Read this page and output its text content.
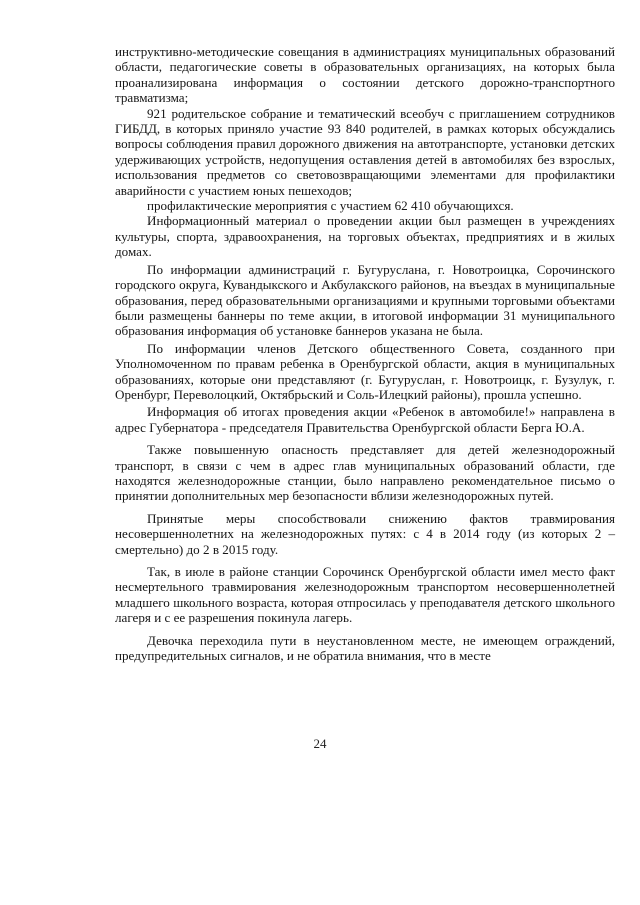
инструктивно-методические совещания в администрациях муниципальных образований области, педагогические советы в образовательных организациях, на которых была проанализирована информация о состоянии детского дорожно-транспортного травматизма;

921 родительское собрание и тематический всеобуч с приглашением сотрудников ГИБДД, в которых приняло участие 93 840 родителей, в рамках которых обсуждались вопросы соблюдения правил дорожного движения на автотранспорте, установки детских удерживающих устройств, недопущения оставления детей в автомобилях без взрослых, использования предметов со световозвращающими элементами для профилактики аварийности с участием юных пешеходов;

профилактические мероприятия с участием 62 410 обучающихся.

Информационный материал о проведении акции был размещен в учреждениях культуры, спорта, здравоохранения, на торговых объектах, предприятиях и в жилых домах.

По информации администраций г. Бугуруслана, г. Новотроицка, Сорочинского городского округа, Кувандыкского и Акбулакского районов, на въездах в муниципальные образования, перед образовательными организациями и крупными торговыми объектами были размещены баннеры по теме акции, в итоговой информации 31 муниципального образования информация об установке баннеров указана не была.

По информации членов Детского общественного Совета, созданного при Уполномоченном по правам ребенка в Оренбургской области, акция в муниципальных образованиях, которые они представляют (г. Бугуруслан, г. Новотроицк, г. Бузулук, г. Оренбург, Переволоцкий, Октябрьский и Соль-Илецкий районы), прошла успешно.

Информация об итогах проведения акции «Ребенок в автомобиле!» направлена в адрес Губернатора - председателя Правительства Оренбургской области Берга Ю.А.

Также повышенную опасность представляет для детей железнодорожный транспорт, в связи с чем в адрес глав муниципальных образований области, где находятся железнодорожные станции, было направлено рекомендательное письмо о принятии дополнительных мер безопасности вблизи железнодорожных путей.

Принятые меры способствовали снижению фактов травмирования несовершеннолетних на железнодорожных путях: с 4 в 2014 году (из которых 2 – смертельно) до 2 в 2015 году.

Так, в июле в районе станции Сорочинск Оренбургской области имел место факт несмертельного травмирования железнодорожным транспортом несовершеннолетней младшего школьного возраста, которая отпросилась у преподавателя детского школьного лагеря и с ее разрешения покинула лагерь.

Девочка переходила пути в неустановленном месте, не имеющем ограждений, предупредительных сигналов, и не обратила внимания, что в месте

24
